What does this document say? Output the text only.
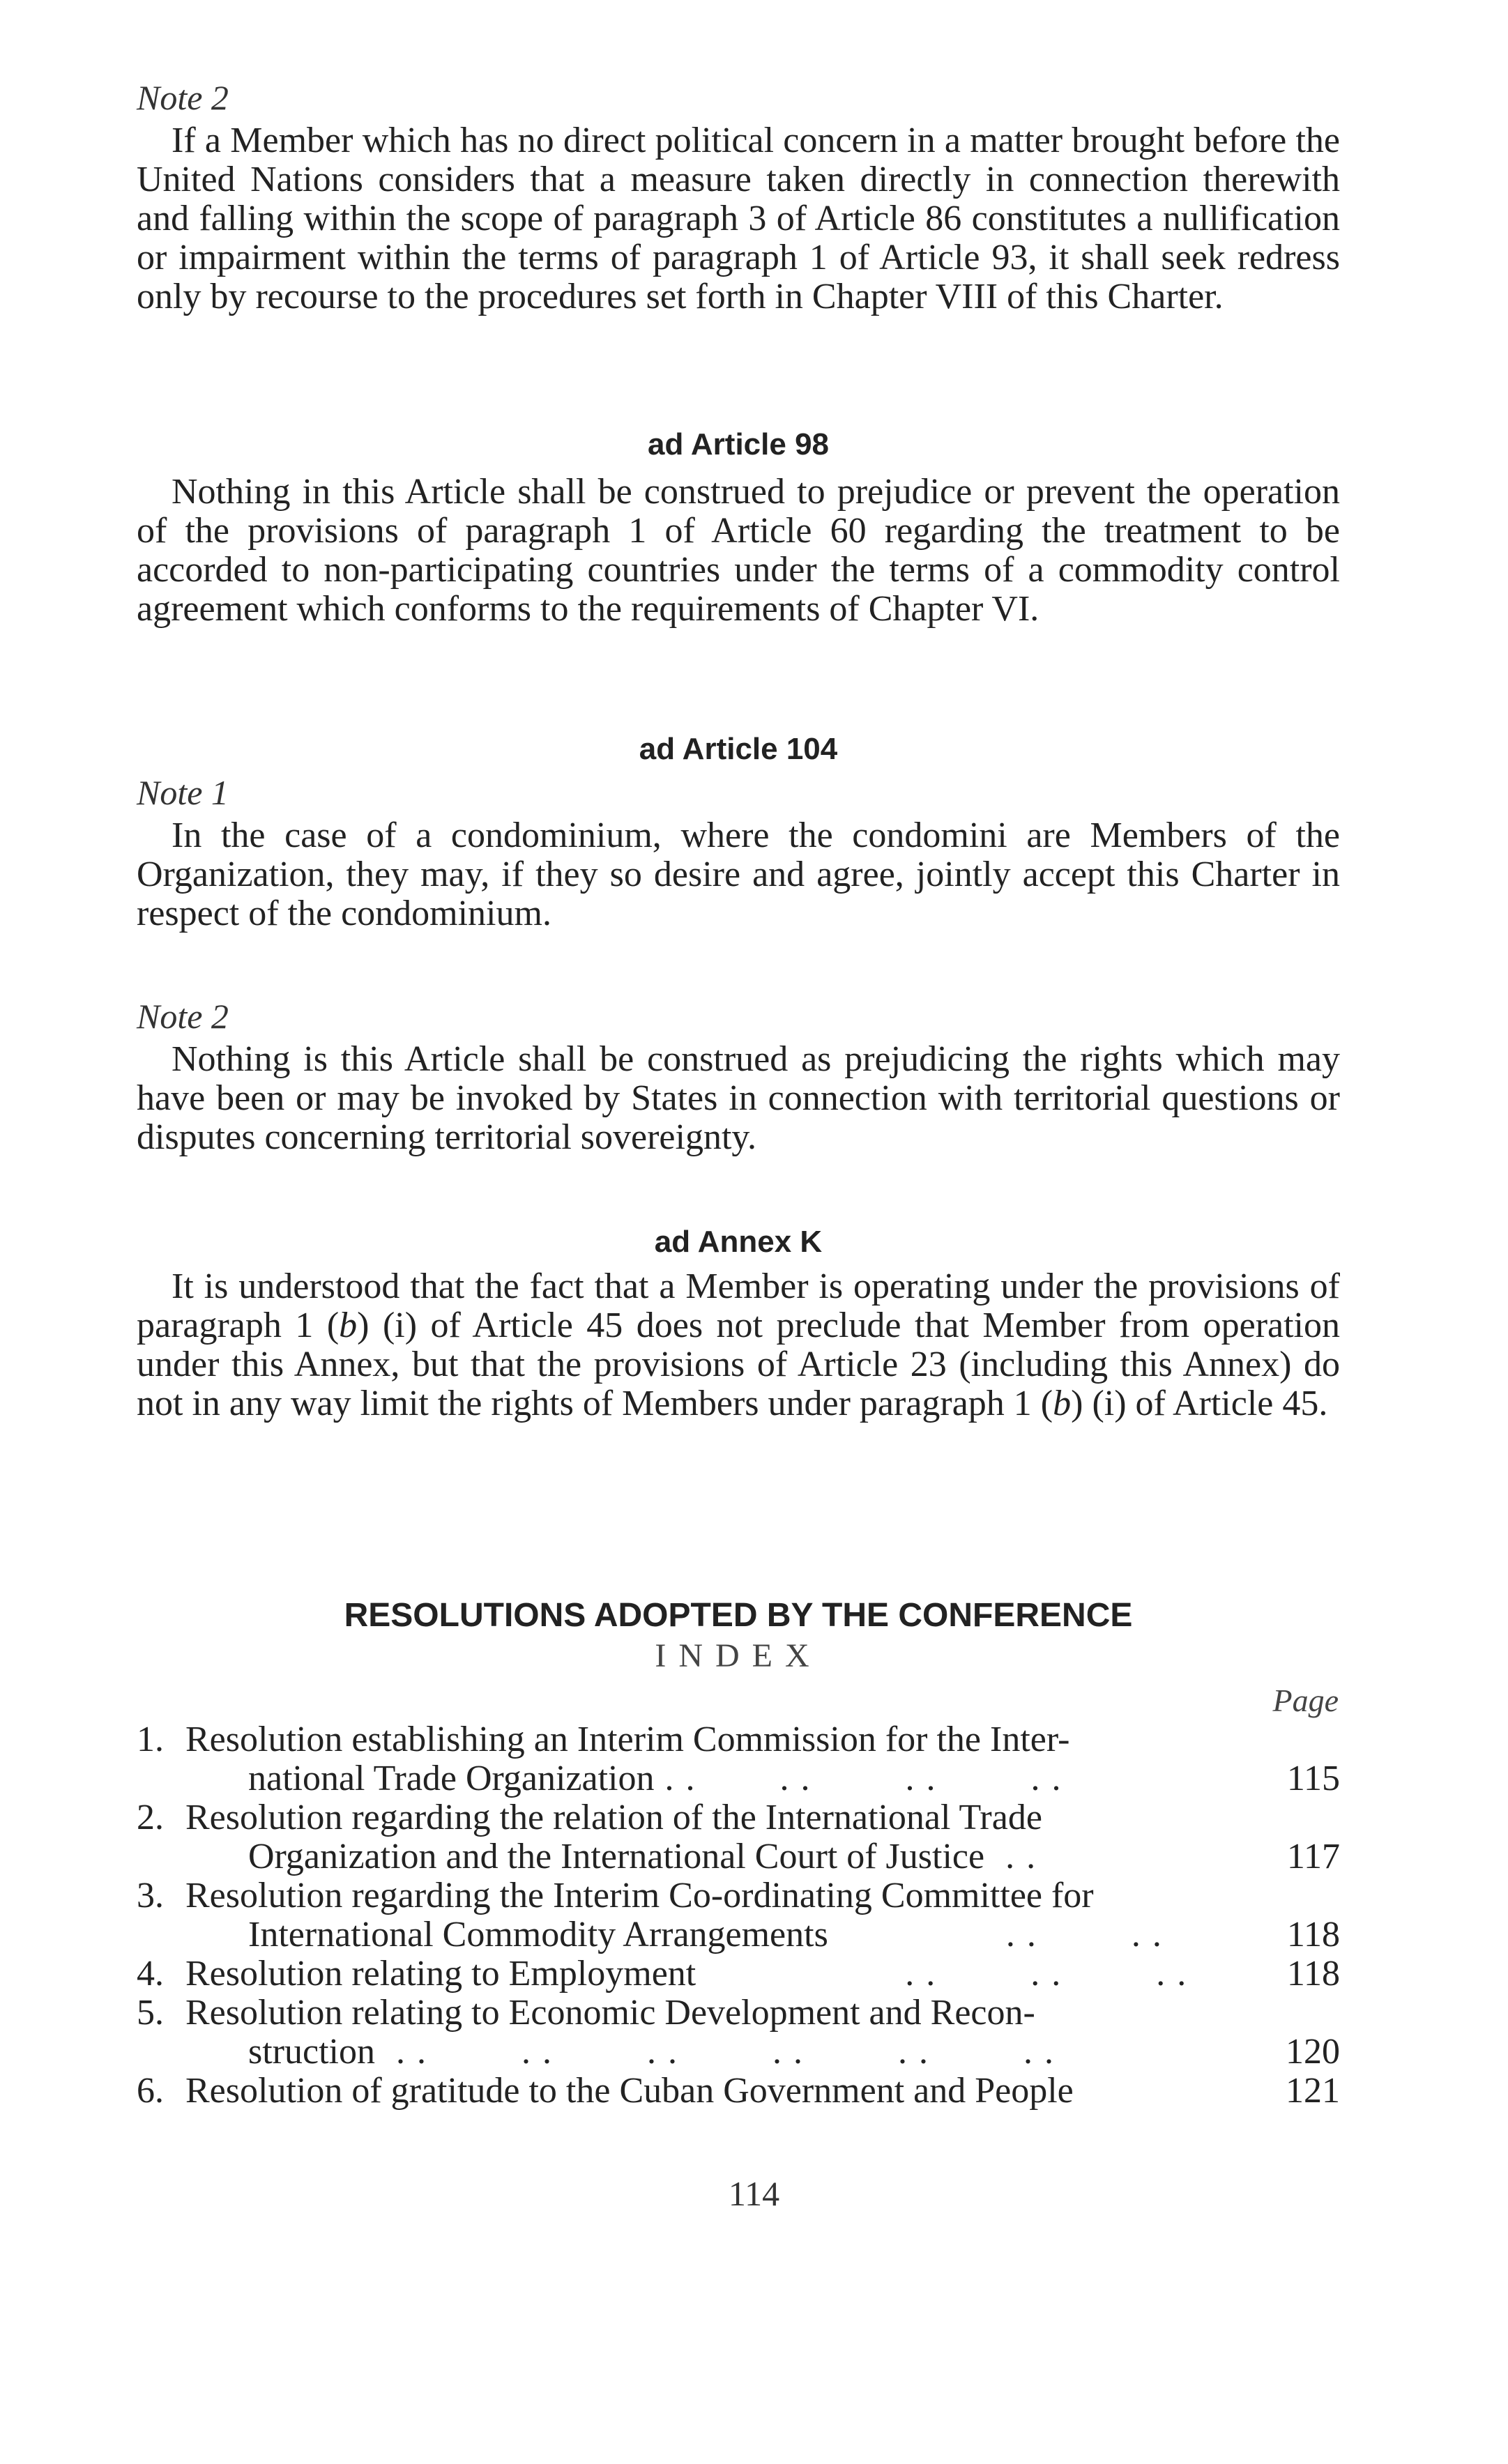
Note 2

If a Member which has no direct political concern in a matter brought before the United Nations considers that a measure taken directly in connection therewith and falling within the scope of paragraph 3 of Article 86 constitutes a nullification or impairment within the terms of paragraph 1 of Article 93, it shall seek redress only by recourse to the procedures set forth in Chapter VIII of this Charter.

ad Article 98

Nothing in this Article shall be construed to prejudice or prevent the operation of the provisions of paragraph 1 of Article 60 regarding the treatment to be accorded to non-participating countries under the terms of a commodity control agreement which conforms to the requirements of Chapter VI.

ad Article 104

Note 1

In the case of a condominium, where the condomini are Members of the Organization, they may, if they so desire and agree, jointly accept this Charter in respect of the condominium.

Note 2

Nothing is this Article shall be construed as prejudicing the rights which may have been or may be invoked by States in connection with territorial questions or disputes concerning territorial sovereignty.

ad Annex K

It is understood that the fact that a Member is operating under the provisions of paragraph 1 (b) (i) of Article 45 does not preclude that Member from operation under this Annex, but that the provisions of Article 23 (including this Annex) do not in any way limit the rights of Members under paragraph 1 (b) (i) of Article 45.

RESOLUTIONS ADOPTED BY THE CONFERENCE

INDEX

Page
1. Resolution establishing an Interim Commission for the Inter-
national Trade Organization . .        . .         . .         . .	115
2. Resolution regarding the relation of the International Trade
Organization and the International Court of Justice  . .	117
3. Resolution regarding the Interim Co-ordinating Committee for
International Commodity Arrangements                 . .         . .	118
4. Resolution relating to Employment                    . .         . .         . .	118
5. Resolution relating to Economic Development and Recon-
struction  . .         . .         . .         . .         . .         . .	120
6. Resolution of gratitude to the Cuban Government and People	121
114
